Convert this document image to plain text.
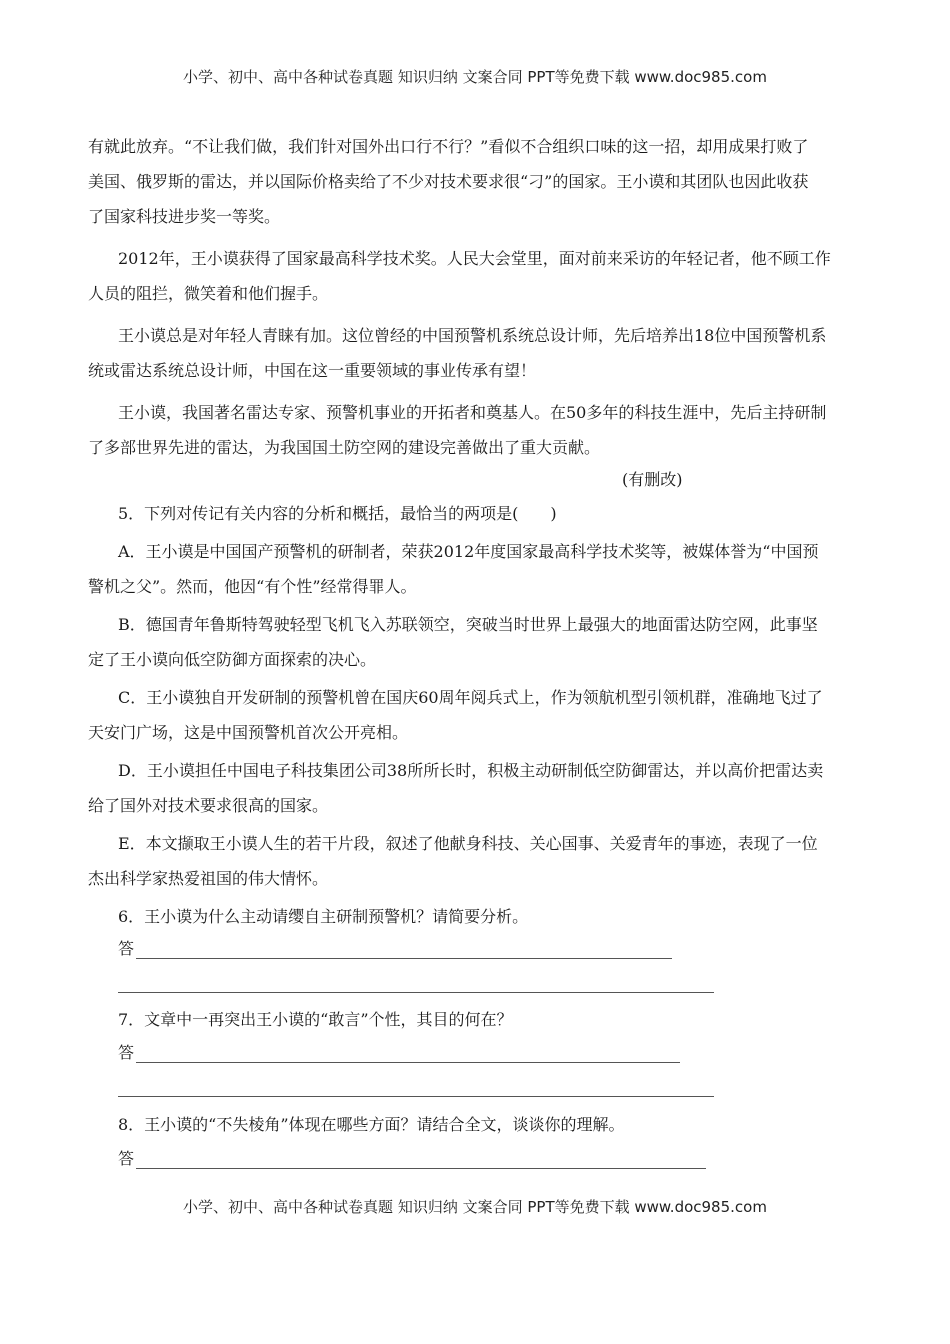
小学、初中、高中各种试卷真题 知识归纳 文案合同 PPT等免费下载 www.doc985.com
有就此放弃。“不让我们做，我们针对国外出口行不行？”看似不合组织口味的这一招，却用成果打败了
美国、俄罗斯的雷达，并以国际价格卖给了不少对技术要求很“刁”的国家。王小谟和其团队也因此收获
了国家科技进步奖一等奖。
2012年，王小谟获得了国家最高科学技术奖。人民大会堂里，面对前来采访的年轻记者，他不顾工作
人员的阻拦，微笑着和他们握手。
王小谟总是对年轻人青睐有加。这位曾经的中国预警机系统总设计师，先后培养出18位中国预警机系
统或雷达系统总设计师，中国在这一重要领域的事业传承有望！
王小谟，我国著名雷达专家、预警机事业的开拓者和奠基人。在50多年的科技生涯中，先后主持研制
了多部世界先进的雷达，为我国国土防空网的建设完善做出了重大贡献。
(有删改)
5．下列对传记有关内容的分析和概括，最恰当的两项是(　　)
A．王小谟是中国国产预警机的研制者，荣获2012年度国家最高科学技术奖等，被媒体誉为“中国预
警机之父”。然而，他因“有个性”经常得罪人。
B．德国青年鲁斯特驾驶轻型飞机飞入苏联领空，突破当时世界上最强大的地面雷达防空网，此事坚
定了王小谟向低空防御方面探索的决心。
C．王小谟独自开发研制的预警机曾在国庆60周年阅兵式上，作为领航机型引领机群，准确地飞过了
天安门广场，这是中国预警机首次公开亮相。
D．王小谟担任中国电子科技集团公司38所所长时，积极主动研制低空防御雷达，并以高价把雷达卖
给了国外对技术要求很高的国家。
E．本文撷取王小谟人生的若干片段，叙述了他献身科技、关心国事、关爱青年的事迹，表现了一位
杰出科学家热爱祖国的伟大情怀。
6．王小谟为什么主动请缨自主研制预警机？请简要分析。
答
7．文章中一再突出王小谟的“敢言”个性，其目的何在？
答
8．王小谟的“不失棱角”体现在哪些方面？请结合全文，谈谈你的理解。
答
小学、初中、高中各种试卷真题 知识归纳 文案合同 PPT等免费下载 www.doc985.com
